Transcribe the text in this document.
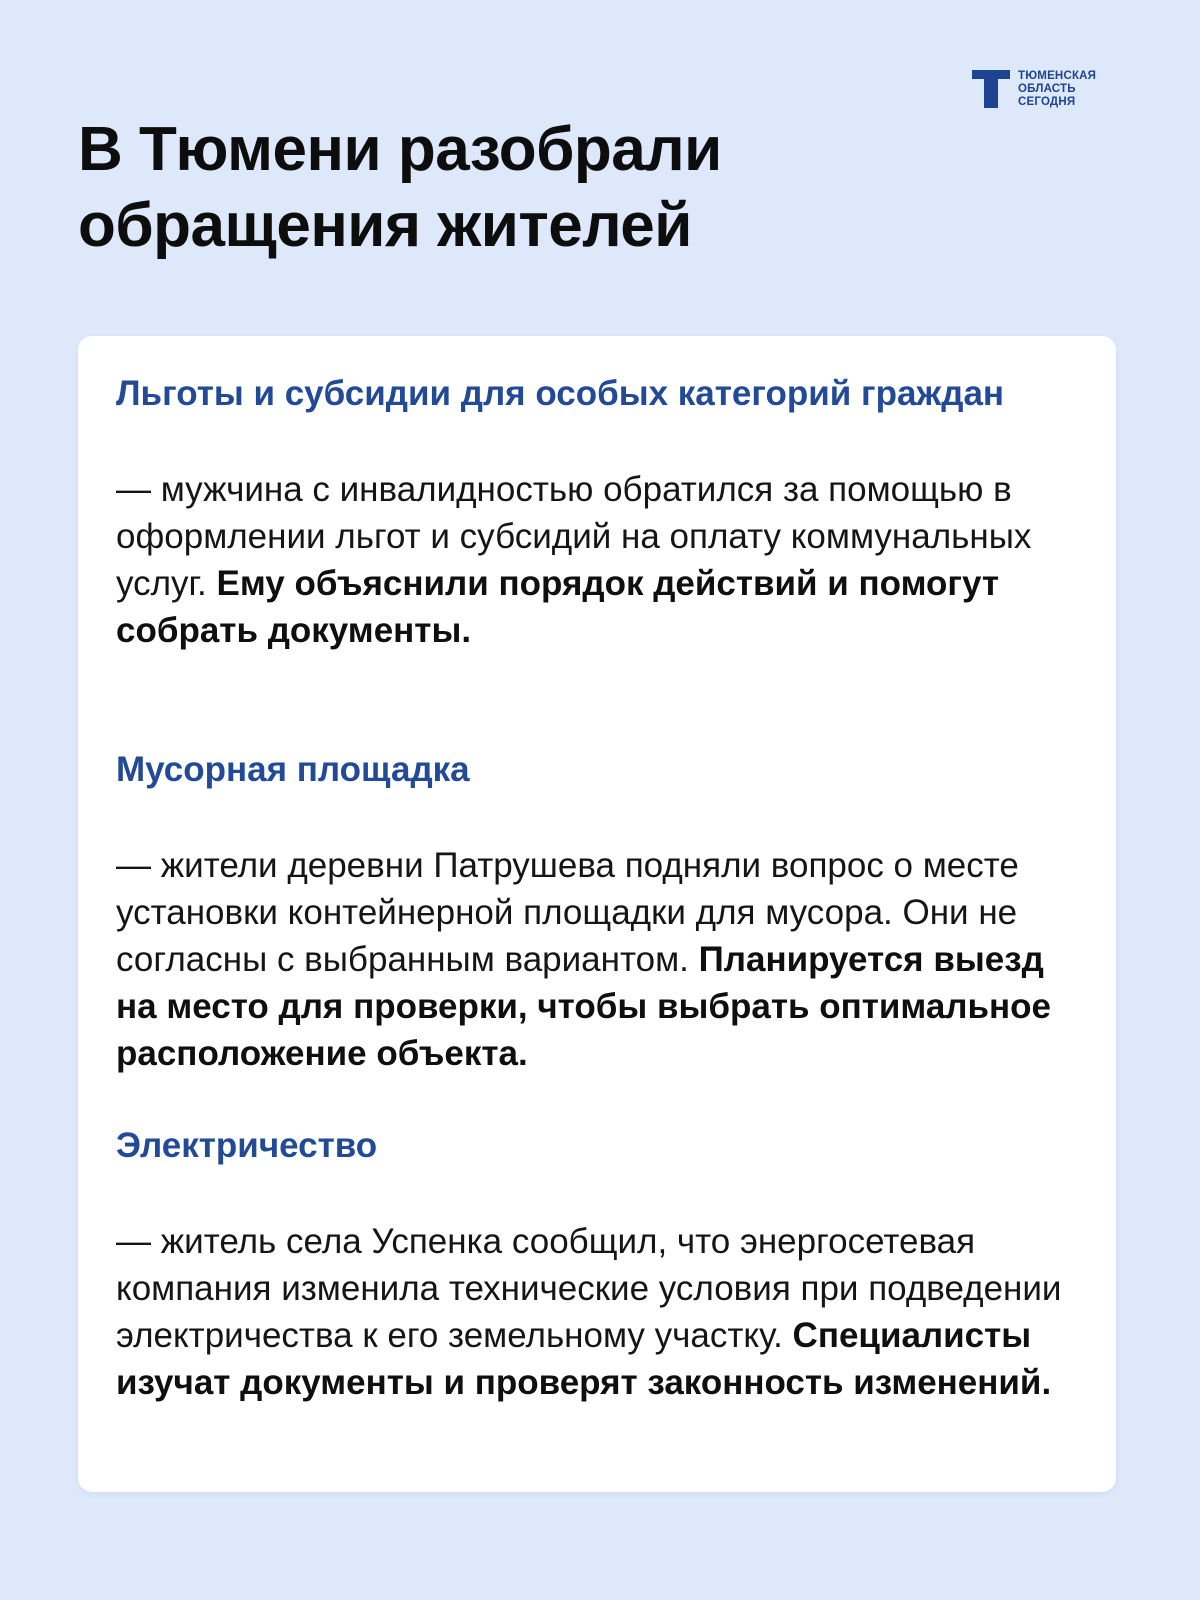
ТЮМЕНСКАЯ
ОБЛАСТЬ
СЕГОДНЯ
В Тюмени разобрали обращения жителей
Льготы и субсидии для особых категорий граждан

— мужчина с инвалидностью обратился за помощью в оформлении льгот и субсидий на оплату коммунальных услуг. Ему объяснили порядок действий и помогут собрать документы.

Мусорная площадка

— жители деревни Патрушева подняли вопрос о месте установки контейнерной площадки для мусора. Они не согласны с выбранным вариантом. Планируется выезд на место для проверки, чтобы выбрать оптимальное расположение объекта.

Электричество

— житель села Успенка сообщил, что энергосетевая компания изменила технические условия при подведении электричества к его земельному участку. Специалисты изучат документы и проверят законность изменений.
